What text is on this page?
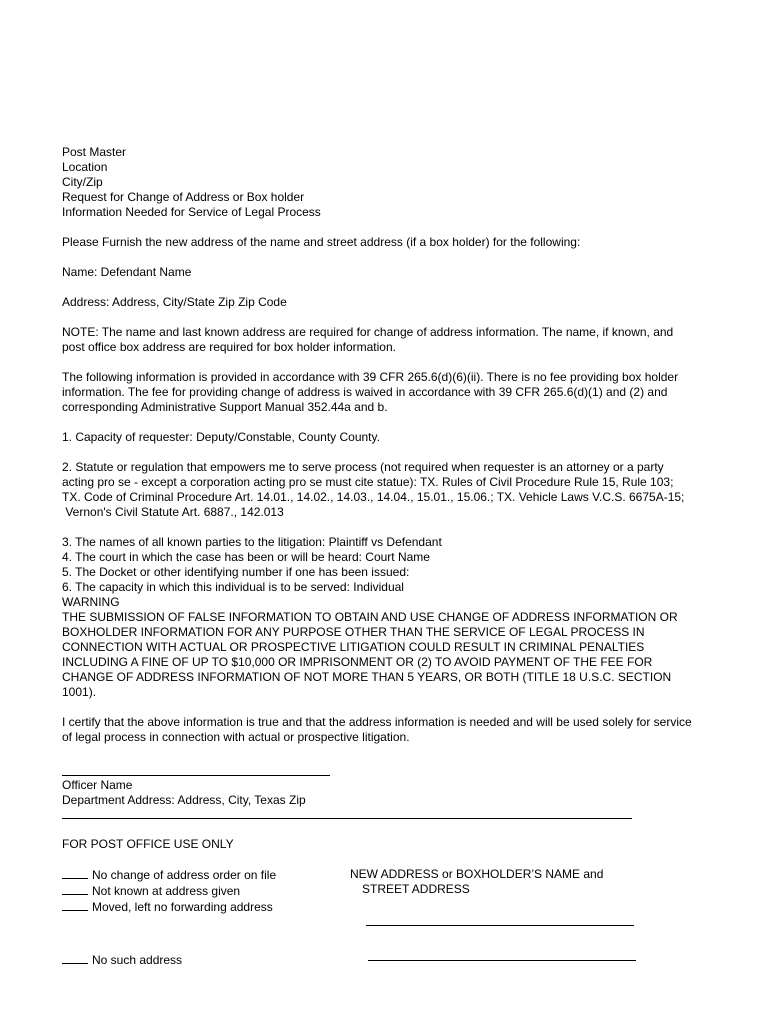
Post Master
Location
City/Zip
Request for Change of Address or Box holder
Information Needed for Service of Legal Process
Please Furnish the new address of the name and street address (if a box holder) for the following:
Name: Defendant Name
Address: Address, City/State Zip Zip Code
NOTE: The name and last known address are required for change of address information. The name, if known, and
post office box address are required for box holder information.
The following information is provided in accordance with 39 CFR 265.6(d)(6)(ii). There is no fee providing box holder
information. The fee for providing change of address is waived in accordance with 39 CFR 265.6(d)(1) and (2) and
corresponding Administrative Support Manual 352.44a and b.
1. Capacity of requester: Deputy/Constable, County County.
2. Statute or regulation that empowers me to serve process (not required when requester is an attorney or a party
acting pro se - except a corporation acting pro se must cite statue): TX. Rules of Civil Procedure Rule 15, Rule 103;
TX. Code of Criminal Procedure Art. 14.01., 14.02., 14.03., 14.04., 15.01., 15.06.; TX. Vehicle Laws V.C.S. 6675A-15;
Vernon's Civil Statute Art. 6887., 142.013
3. The names of all known parties to the litigation: Plaintiff vs Defendant
4. The court in which the case has been or will be heard: Court Name
5. The Docket or other identifying number if one has been issued:
6. The capacity in which this individual is to be served: Individual
WARNING
THE SUBMISSION OF FALSE INFORMATION TO OBTAIN AND USE CHANGE OF ADDRESS INFORMATION OR
BOXHOLDER INFORMATION FOR ANY PURPOSE OTHER THAN THE SERVICE OF LEGAL PROCESS IN
CONNECTION WITH ACTUAL OR PROSPECTIVE LITIGATION COULD RESULT IN CRIMINAL PENALTIES
INCLUDING A FINE OF UP TO $10,000 OR IMPRISONMENT OR (2) TO AVOID PAYMENT OF THE FEE FOR
CHANGE OF ADDRESS INFORMATION OF NOT MORE THAN 5 YEARS, OR BOTH (TITLE 18 U.S.C. SECTION
1001).
I certify that the above information is true and that the address information is needed and will be used solely for service
of legal process in connection with actual or prospective litigation.
Officer Name
Department Address: Address, City, Texas Zip
FOR POST OFFICE USE ONLY
No change of address order on file
Not known at address given
Moved, left no forwarding address
No such address
NEW ADDRESS or BOXHOLDER’S NAME and
STREET ADDRESS
